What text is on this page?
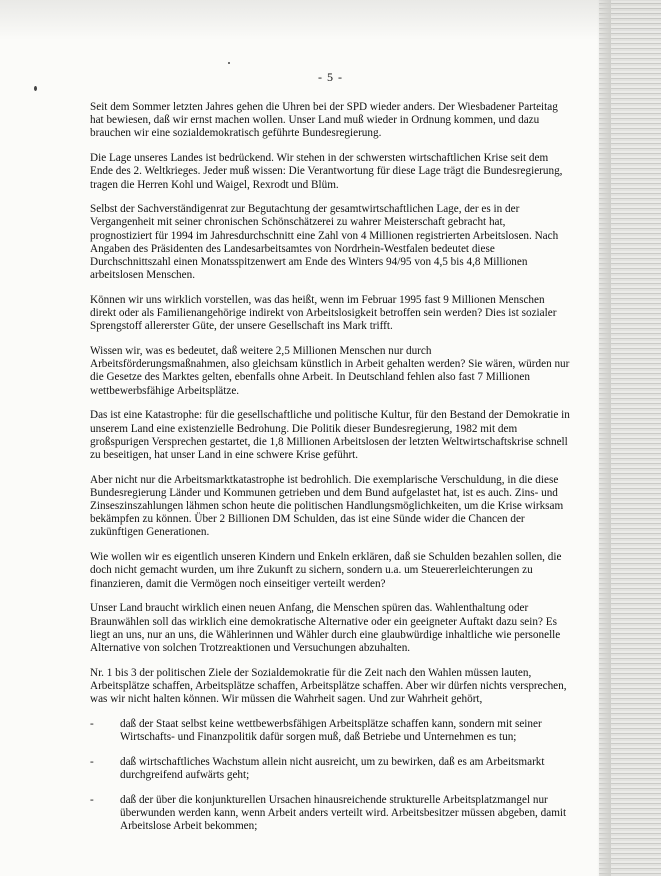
- 5 -

Seit dem Sommer letzten Jahres gehen die Uhren bei der SPD wieder anders. Der Wiesbadener Parteitag hat bewiesen, daß wir ernst machen wollen. Unser Land muß wieder in Ordnung kommen, und dazu brauchen wir eine sozialdemokratisch geführte Bundesregierung.

Die Lage unseres Landes ist bedrückend. Wir stehen in der schwersten wirtschaftlichen Krise seit dem Ende des 2. Weltkrieges. Jeder muß wissen: Die Verantwortung für diese Lage trägt die Bundesregierung, tragen die Herren Kohl und Waigel, Rexrodt und Blüm.

Selbst der Sachverständigenrat zur Begutachtung der gesamtwirtschaftlichen Lage, der es in der Vergangenheit mit seiner chronischen Schönschätzerei zu wahrer Meisterschaft gebracht hat, prognostiziert für 1994 im Jahresdurchschnitt eine Zahl von 4 Millionen registrierten Arbeitslosen. Nach Angaben des Präsidenten des Landesarbeitsamtes von Nordrhein-Westfalen bedeutet diese Durchschnittszahl einen Monatsspitzenwert am Ende des Winters 94/95 von 4,5 bis 4,8 Millionen arbeitslosen Menschen.

Können wir uns wirklich vorstellen, was das heißt, wenn im Februar 1995 fast 9 Millionen Menschen direkt oder als Familienangehörige indirekt von Arbeitslosigkeit betroffen sein werden? Dies ist sozialer Sprengstoff allererster Güte, der unsere Gesellschaft ins Mark trifft.

Wissen wir, was es bedeutet, daß weitere 2,5 Millionen Menschen nur durch Arbeitsförderungsmaßnahmen, also gleichsam künstlich in Arbeit gehalten werden? Sie wären, würden nur die Gesetze des Marktes gelten, ebenfalls ohne Arbeit. In Deutschland fehlen also fast 7 Millionen wettbewerbsfähige Arbeitsplätze.

Das ist eine Katastrophe: für die gesellschaftliche und politische Kultur, für den Bestand der Demokratie in unserem Land eine existenzielle Bedrohung. Die Politik dieser Bundesregierung, 1982 mit dem großspurigen Versprechen gestartet, die 1,8 Millionen Arbeitslosen der letzten Weltwirtschaftskrise schnell zu beseitigen, hat unser Land in eine schwere Krise geführt.

Aber nicht nur die Arbeitsmarktkatastrophe ist bedrohlich. Die exemplarische Verschuldung, in die diese Bundesregierung Länder und Kommunen getrieben und dem Bund aufgelastet hat, ist es auch. Zins- und Zinseszinszahlungen lähmen schon heute die politischen Handlungsmöglichkeiten, um die Krise wirksam bekämpfen zu können. Über 2 Billionen DM Schulden, das ist eine Sünde wider die Chancen der zukünftigen Generationen.

Wie wollen wir es eigentlich unseren Kindern und Enkeln erklären, daß sie Schulden bezahlen sollen, die doch nicht gemacht wurden, um ihre Zukunft zu sichern, sondern u.a. um Steuererleichterungen zu finanzieren, damit die Vermögen noch einseitiger verteilt werden?

Unser Land braucht wirklich einen neuen Anfang, die Menschen spüren das. Wahlenthaltung oder Braunwählen soll das wirklich eine demokratische Alternative oder ein geeigneter Auftakt dazu sein? Es liegt an uns, nur an uns, die Wählerinnen und Wähler durch eine glaubwürdige inhaltliche wie personelle Alternative von solchen Trotzreaktionen und Versuchungen abzuhalten.

Nr. 1 bis 3 der politischen Ziele der Sozialdemokratie für die Zeit nach den Wahlen müssen lauten, Arbeitsplätze schaffen, Arbeitsplätze schaffen, Arbeitsplätze schaffen. Aber wir dürfen nichts versprechen, was wir nicht halten können. Wir müssen die Wahrheit sagen. Und zur Wahrheit gehört,

- daß der Staat selbst keine wettbewerbsfähigen Arbeitsplätze schaffen kann, sondern mit seiner Wirtschafts- und Finanzpolitik dafür sorgen muß, daß Betriebe und Unternehmen es tun;
- daß wirtschaftliches Wachstum allein nicht ausreicht, um zu bewirken, daß es am Arbeitsmarkt durchgreifend aufwärts geht;
- daß der über die konjunkturellen Ursachen hinausreichende strukturelle Arbeitsplatzmangel nur überwunden werden kann, wenn Arbeit anders verteilt wird. Arbeitsbesitzer müssen abgeben, damit Arbeitslose Arbeit bekommen;
